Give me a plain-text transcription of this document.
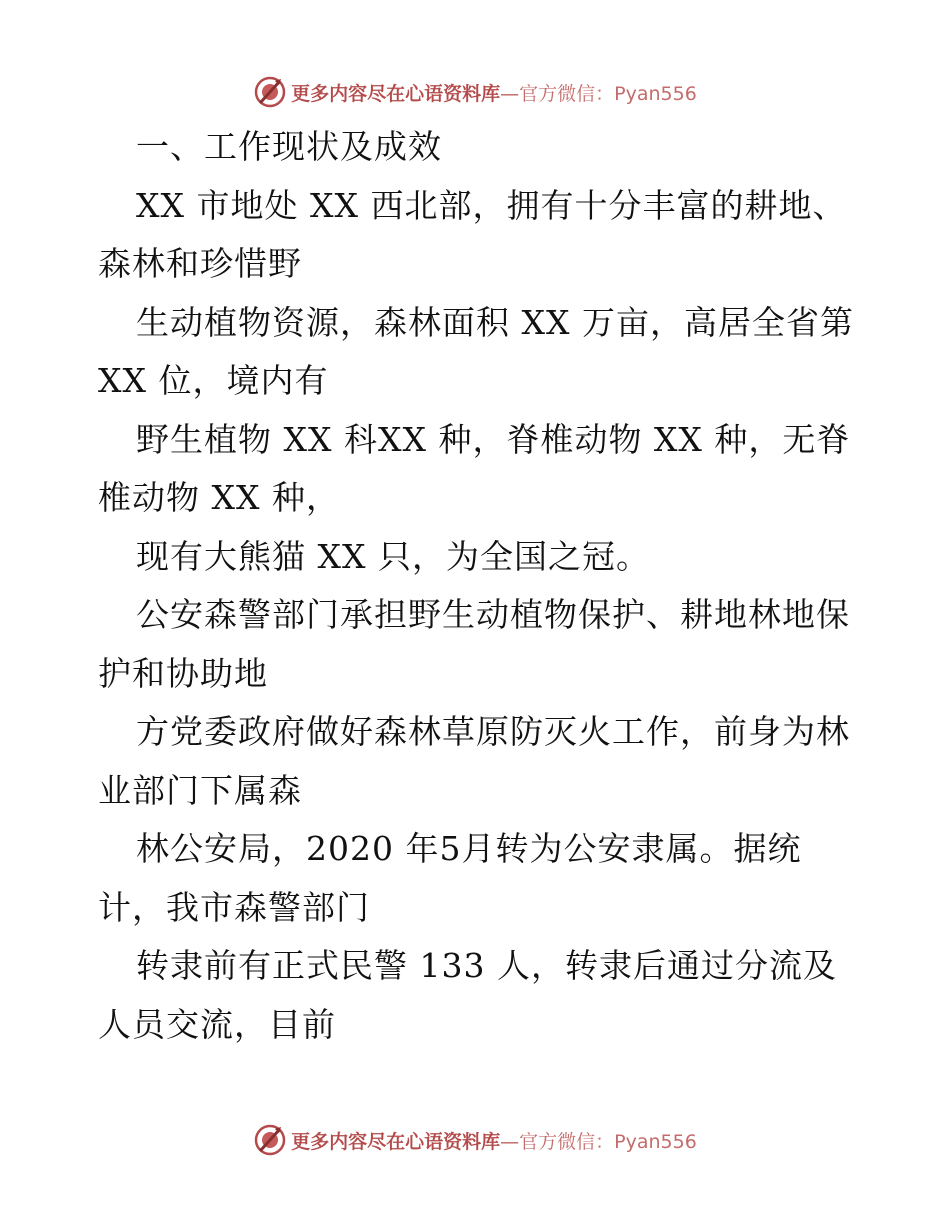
更多内容尽在心语资料库—官方微信：Pyan556
一、工作现状及成效
XX 市地处 XX 西北部，拥有十分丰富的耕地、
森林和珍惜野
生动植物资源，森林面积 XX 万亩，高居全省第
XX 位，境内有
野生植物 XX 科XX 种，脊椎动物 XX 种，无脊
椎动物 XX 种，
现有大熊猫 XX 只，为全国之冠。
公安森警部门承担野生动植物保护、耕地林地保
护和协助地
方党委政府做好森林草原防灭火工作，前身为林
业部门下属森
林公安局，2020 年5月转为公安隶属。据统
计，我市森警部门
转隶前有正式民警 133 人，转隶后通过分流及
人员交流，目前
更多内容尽在心语资料库—官方微信：Pyan556
